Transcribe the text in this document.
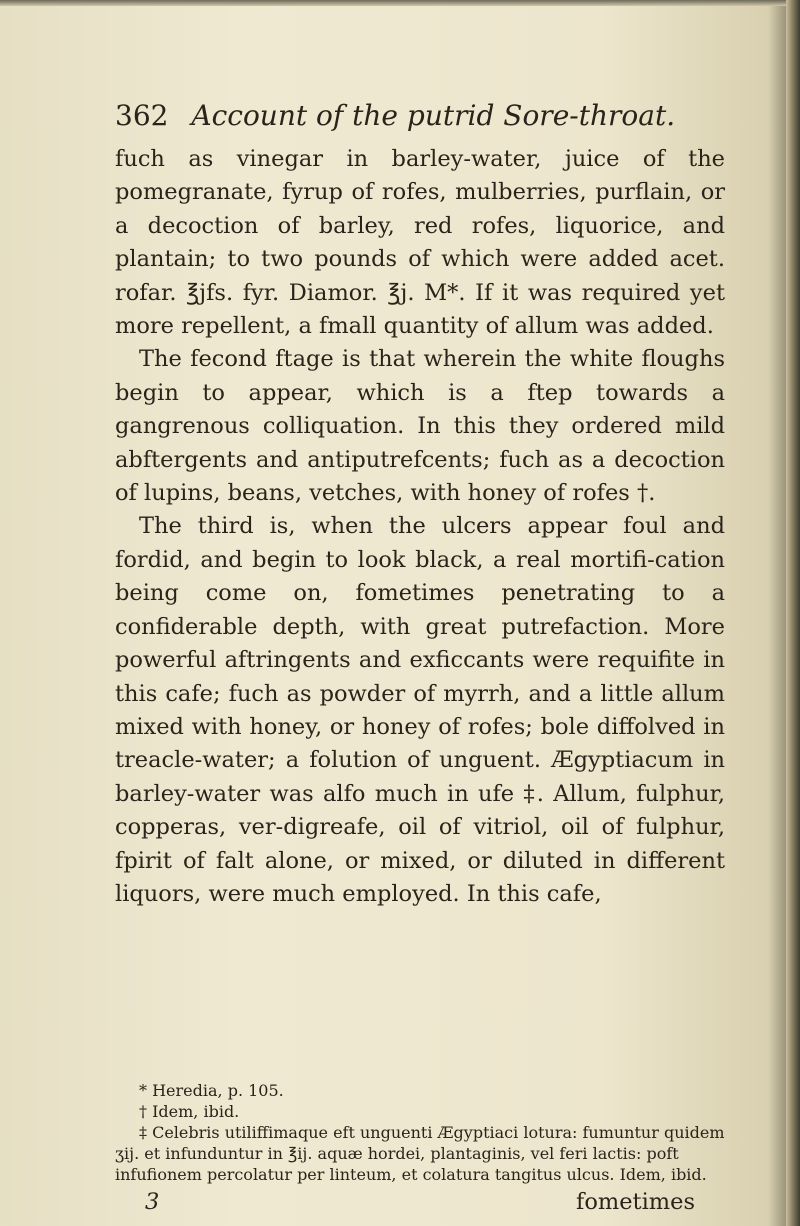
362 Account of the putrid Sore-throat.

fuch as vinegar in barley-water, juice of the pomegranate, fyrup of rofes, mulberries, purflain, or a decoction of barley, red rofes, liquorice, and plantain; to two pounds of which were added acet. rofar. ℥jfs. fyr. Diamor. ℥j. M*. If it was required yet more repellent, a fmall quantity of allum was added.

The fecond ftage is that wherein the white floughs begin to appear, which is a ftep towards a gangrenous colliquation. In this they ordered mild abftergents and antiputrefcents; fuch as a decoction of lupins, beans, vetches, with honey of rofes †.

The third is, when the ulcers appear foul and fordid, and begin to look black, a real mortifi-cation being come on, fometimes penetrating to a confiderable depth, with great putrefaction. More powerful aftringents and exficcants were requifite in this cafe; fuch as powder of myrrh, and a little allum mixed with honey, or honey of rofes; bole diffolved in treacle-water; a folution of unguent. Ægyptiacum in barley-water was alfo much in ufe ‡. Allum, fulphur, copperas, ver-digreafe, oil of vitriol, oil of fulphur, fpirit of falt alone, or mixed, or diluted in different liquors, were much employed. In this cafe,

* Heredia, p. 105.

† Idem, ibid.

‡ Celebris utiliffimaque eft unguenti Ægyptiaci lotura: fumuntur quidem ʒij. et infunduntur in ℥ij. aquæ hordei, plantaginis, vel feri lactis: poft infufionem percolatur per linteum, et colatura tangitus ulcus. Idem, ibid.

3	fometimes
